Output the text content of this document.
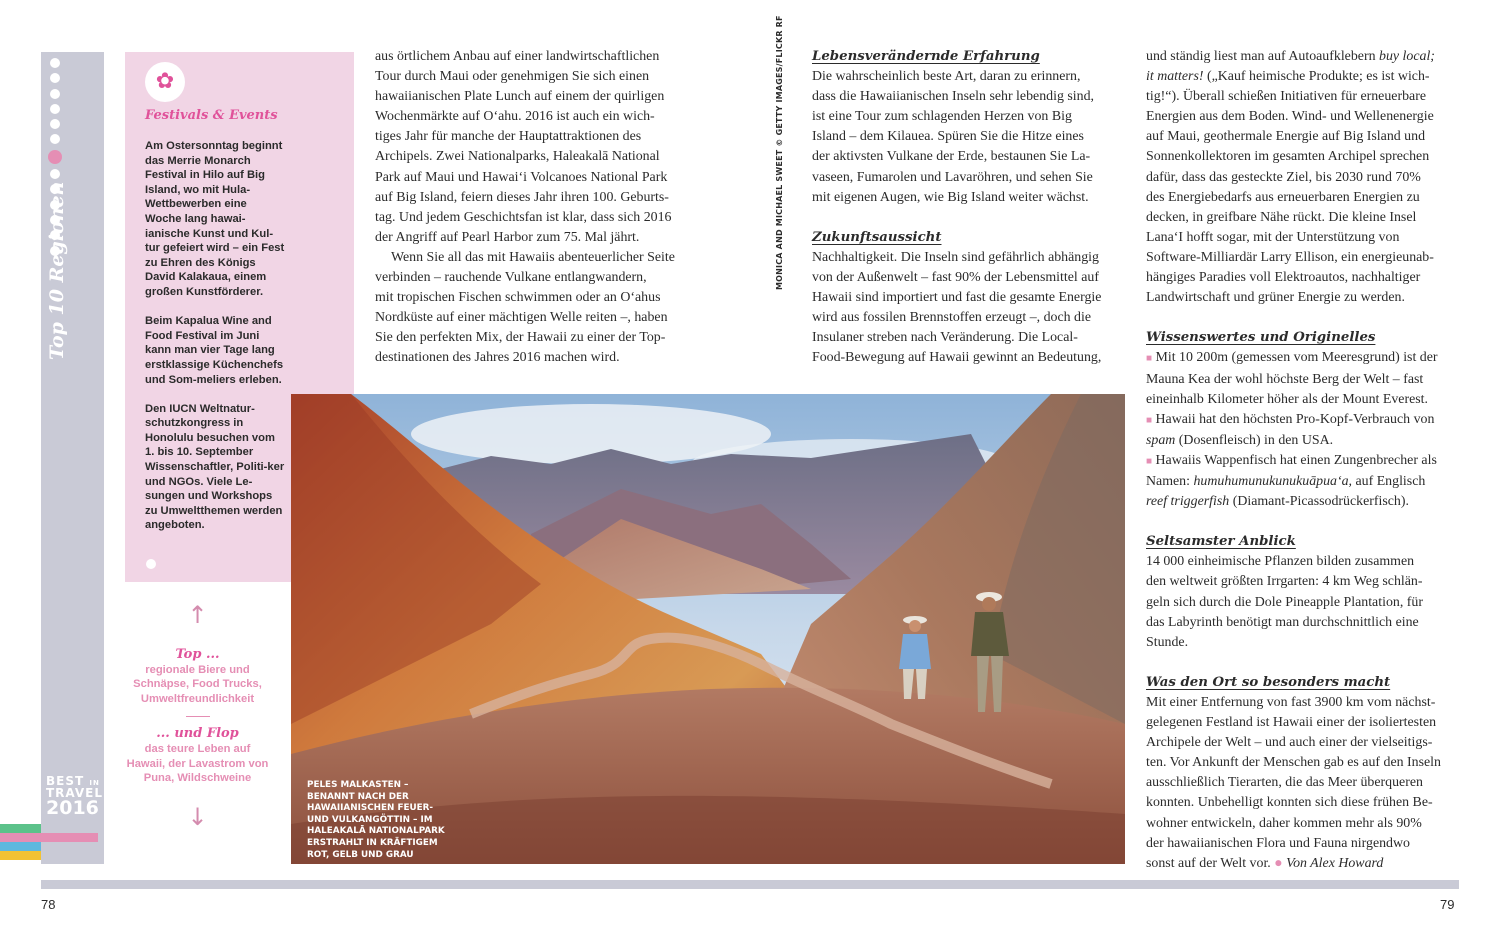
Top 10 Regionen
BEST IN
TRAVEL
2016
✿
Festivals & Events

Am Ostersonntag beginnt das Merrie Monarch Festival in Hilo auf Big Island, wo mit Hula-Wettbewerben eine Woche lang hawai-ianische Kunst und Kul-tur gefeiert wird – ein Fest zu Ehren des Königs David Kalakaua, einem großen Kunstförderer.

Beim Kapalua Wine and Food Festival im Juni kann man vier Tage lang erstklassige Küchenchefs und Som-meliers erleben.

Den IUCN Weltnatur-schutzkongress in Honolulu besuchen vom 1. bis 10. September Wissenschaftler, Politi-ker und NGOs. Viele Le-sungen und Workshops zu Umweltthemen werden angeboten.

↑
Top ...
regionale Biere und Schnäpse, Food Trucks, Umweltfreundlichkeit
... und Flop
das teure Leben auf Hawaii, der Lavastrom von Puna, Wildschweine
↓
aus örtlichem Anbau auf einer landwirtschaftlichen
Tour durch Maui oder genehmigen Sie sich einen
hawaiianischen Plate Lunch auf einem der quirligen
Wochenmärkte auf O‘ahu. 2016 ist auch ein wich-
tiges Jahr für manche der Hauptattraktionen des
Archipels. Zwei Nationalparks, Haleakalā National
Park auf Maui und Hawai‘i Volcanoes National Park
auf Big Island, feiern dieses Jahr ihren 100. Geburts-
tag. Und jedem Geschichtsfan ist klar, dass sich 2016
der Angriff auf Pearl Harbor zum 75. Mal jährt.
Wenn Sie all das mit Hawaiis abenteuerlicher Seite
verbinden – rauchende Vulkane entlangwandern,
mit tropischen Fischen schwimmen oder an O‘ahus
Nordküste auf einer mächtigen Welle reiten –, haben
Sie den perfekten Mix, der Hawaii zu einer der Top-
destinationen des Jahres 2016 machen wird.
MONICA AND MICHAEL SWEET © GETTY IMAGES/FLICKR RF Lebensverändernde Erfahrung
Die wahrscheinlich beste Art, daran zu erinnern,
dass die Hawaiianischen Inseln sehr lebendig sind,
ist eine Tour zum schlagenden Herzen von Big
Island – dem Kilauea. Spüren Sie die Hitze eines
der aktivsten Vulkane der Erde, bestaunen Sie La-
vaseen, Fumarolen und Lavaröhren, und sehen Sie
mit eigenen Augen, wie Big Island weiter wächst.
Zukunftsaussicht
Nachhaltigkeit. Die Inseln sind gefährlich abhängig
von der Außenwelt – fast 90% der Lebensmittel auf
Hawaii sind importiert und fast die gesamte Energie
wird aus fossilen Brennstoffen erzeugt –, doch die
Insulaner streben nach Veränderung. Die Local-
Food-Bewegung auf Hawaii gewinnt an Bedeutung,
und ständig liest man auf Autoaufklebern buy local;
it matters! („Kauf heimische Produkte; es ist wich-
tig!“). Überall schießen Initiativen für erneuerbare
Energien aus dem Boden. Wind- und Wellenenergie
auf Maui, geothermale Energie auf Big Island und
Sonnenkollektoren im gesamten Archipel sprechen
dafür, dass das gesteckte Ziel, bis 2030 rund 70%
des Energiebedarfs aus erneuerbaren Energien zu
decken, in greifbare Nähe rückt. Die kleine Insel
Lana‘I hofft sogar, mit der Unterstützung von
Software-Milliardär Larry Ellison, ein energieunab-
hängiges Paradies voll Elektroautos, nachhaltiger
Landwirtschaft und grüner Energie zu werden.
Wissenswertes und Originelles
■ Mit 10 200m (gemessen vom Meeresgrund) ist der
Mauna Kea der wohl höchste Berg der Welt – fast
eineinhalb Kilometer höher als der Mount Everest.
■ Hawaii hat den höchsten Pro-Kopf-Verbrauch von
spam (Dosenfleisch) in den USA.
■ Hawaiis Wappenfisch hat einen Zungenbrecher als
Namen: humuhumunukunukuāpua‘a, auf Englisch
reef triggerfish (Diamant-Picassodrückerfisch).
Seltsamster Anblick
14 000 einheimische Pflanzen bilden zusammen
den weltweit größten Irrgarten: 4 km Weg schlän-
geln sich durch die Dole Pineapple Plantation, für
das Labyrinth benötigt man durchschnittlich eine
Stunde.
Was den Ort so besonders macht
Mit einer Entfernung von fast 3900 km vom nächst-
gelegenen Festland ist Hawaii einer der isoliertesten
Archipele der Welt – und auch einer der vielseitigs-
ten. Vor Ankunft der Menschen gab es auf den Inseln
ausschließlich Tierarten, die das Meer überqueren
konnten. Unbehelligt konnten sich diese frühen Be-
wohner entwickeln, daher kommen mehr als 90%
der hawaiianischen Flora und Fauna nirgendwo
sonst auf der Welt vor. ● Von Alex Howard
PELES MALKASTEN – BENANNT NACH DER HAWAIIANISCHEN FEUER- UND VULKANGÖTTIN – IM HALEAKALĀ NATIONALPARK ERSTRAHLT IN KRÄFTIGEM ROT, GELB UND GRAU
78	79
